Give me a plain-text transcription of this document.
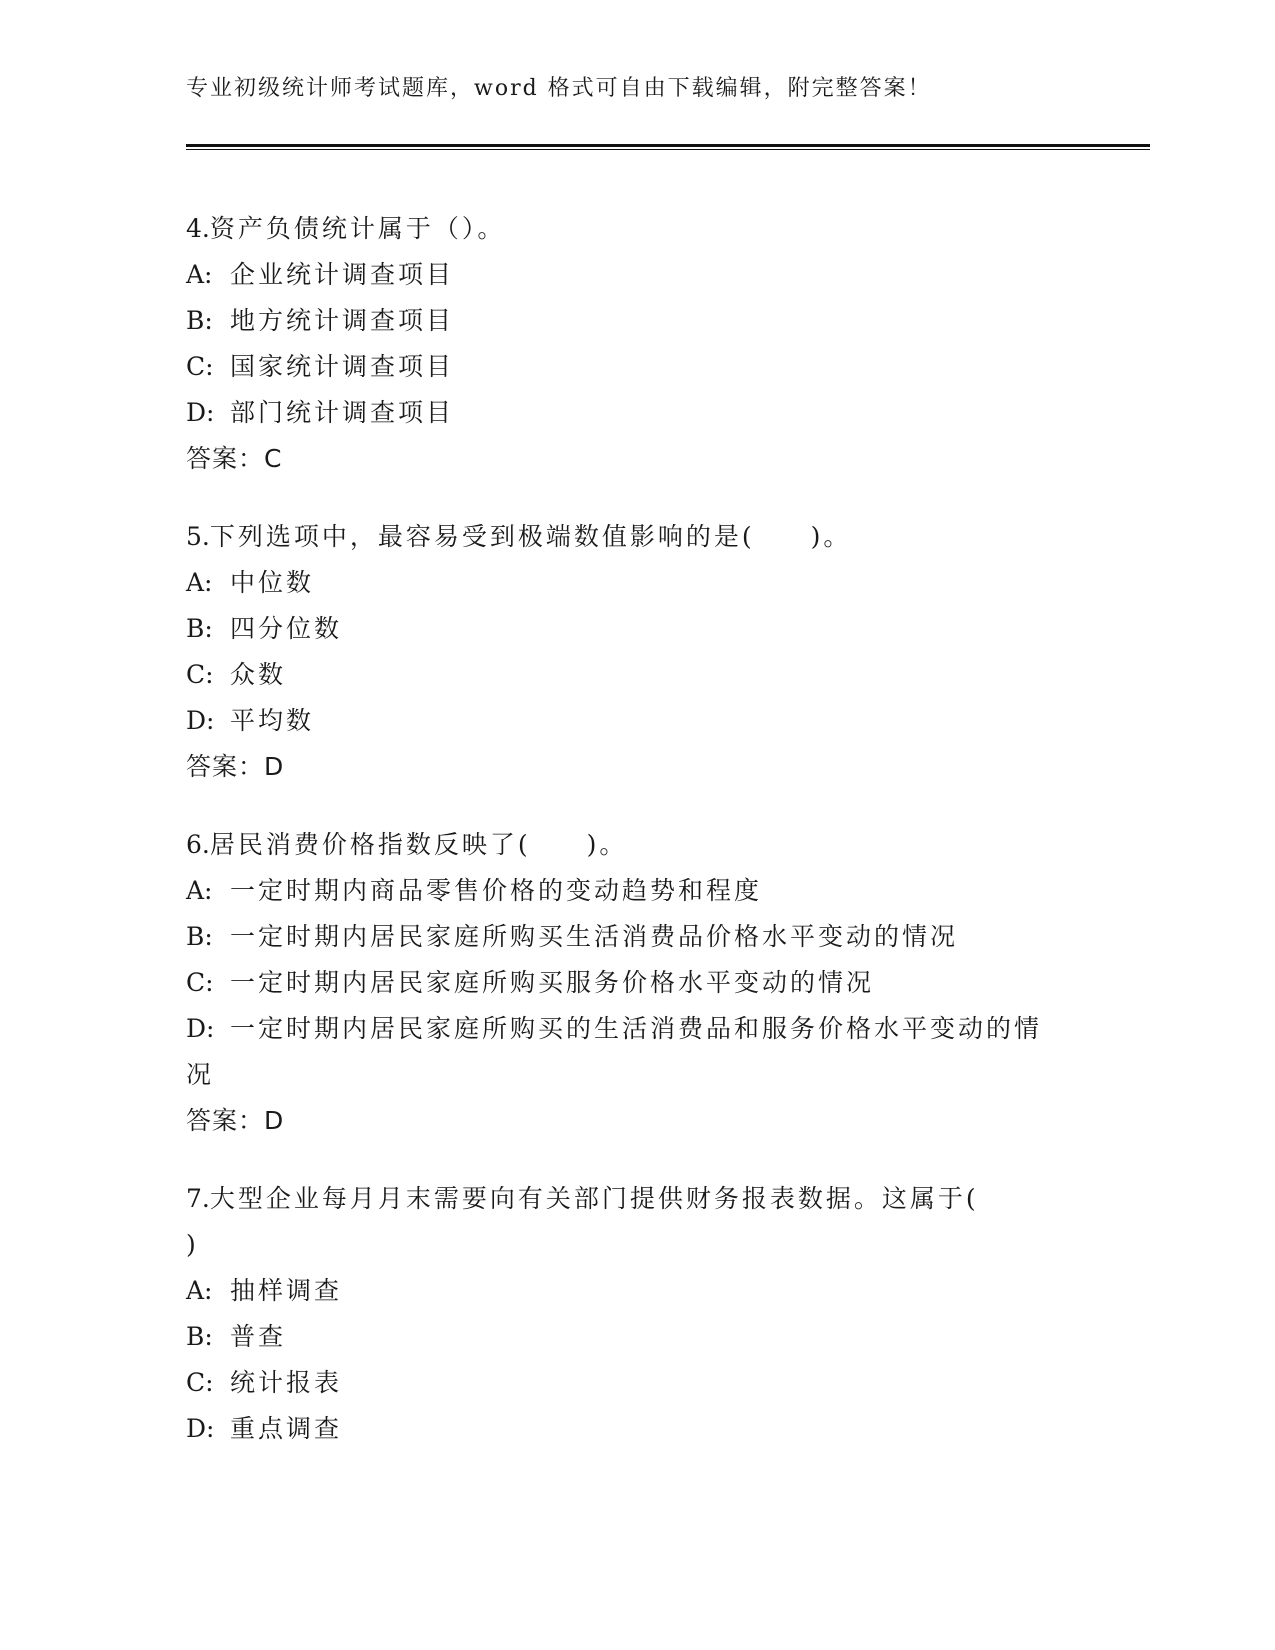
专业初级统计师考试题库，word 格式可自由下载编辑，附完整答案！

4.资产负债统计属于（）。

A: 企业统计调查项目

B: 地方统计调查项目

C: 国家统计调查项目

D: 部门统计调查项目

答案：C

5.下列选项中，最容易受到极端数值影响的是(　　)。

A: 中位数

B: 四分位数

C: 众数

D: 平均数

答案：D

6.居民消费价格指数反映了(　　)。

A: 一定时期内商品零售价格的变动趋势和程度

B: 一定时期内居民家庭所购买生活消费品价格水平变动的情况

C: 一定时期内居民家庭所购买服务价格水平变动的情况

D: 一定时期内居民家庭所购买的生活消费品和服务价格水平变动的情
况

答案：D

7.大型企业每月月末需要向有关部门提供财务报表数据。这属于(
)

A: 抽样调查

B: 普查

C: 统计报表

D: 重点调查
